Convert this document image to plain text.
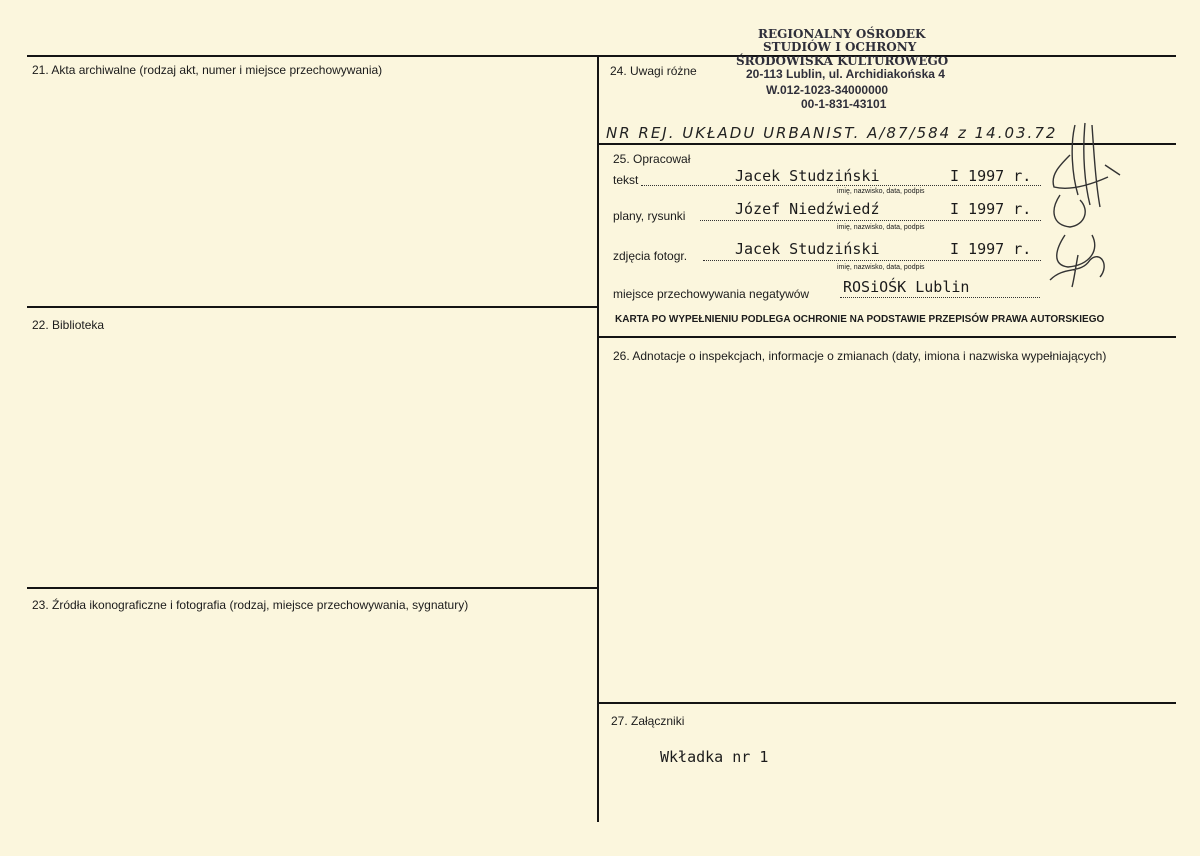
21. Akta archiwalne (rodzaj akt, numer i miejsce przechowywania)
22. Biblioteka
23. Źródła ikonograficzne i fotografia (rodzaj, miejsce przechowywania, sygnatury)
24. Uwagi różne
NR REJ. UKŁADU URBANIST. A/87/584 z 14.03.72
REGIONALNY OŚRODEK
STUDIÓW I OCHRONY
ŚRODOWISKA KULTUROWEGO
20-113 Lublin, ul. Archidiakońska 4
W.012-1023-34000000
00-1-831-43101
25. Opracował
tekst	Jacek Studziński	I 1997 r.
imię, nazwisko, data, podpis
plany, rysunki	Józef Niedźwiedź	I 1997 r.
imię, nazwisko, data, podpis
zdjęcia fotogr.	Jacek Studziński	I 1997 r.
imię, nazwisko, data, podpis
miejsce przechowywania negatywów ROSiOŚK Lublin
KARTA PO WYPEŁNIENIU PODLEGA OCHRONIE NA PODSTAWIE PRZEPISÓW PRAWA AUTORSKIEGO
26. Adnotacje o inspekcjach, informacje o zmianach (daty, imiona i nazwiska wypełniających)
27. Załączniki
Wkładka nr 1
